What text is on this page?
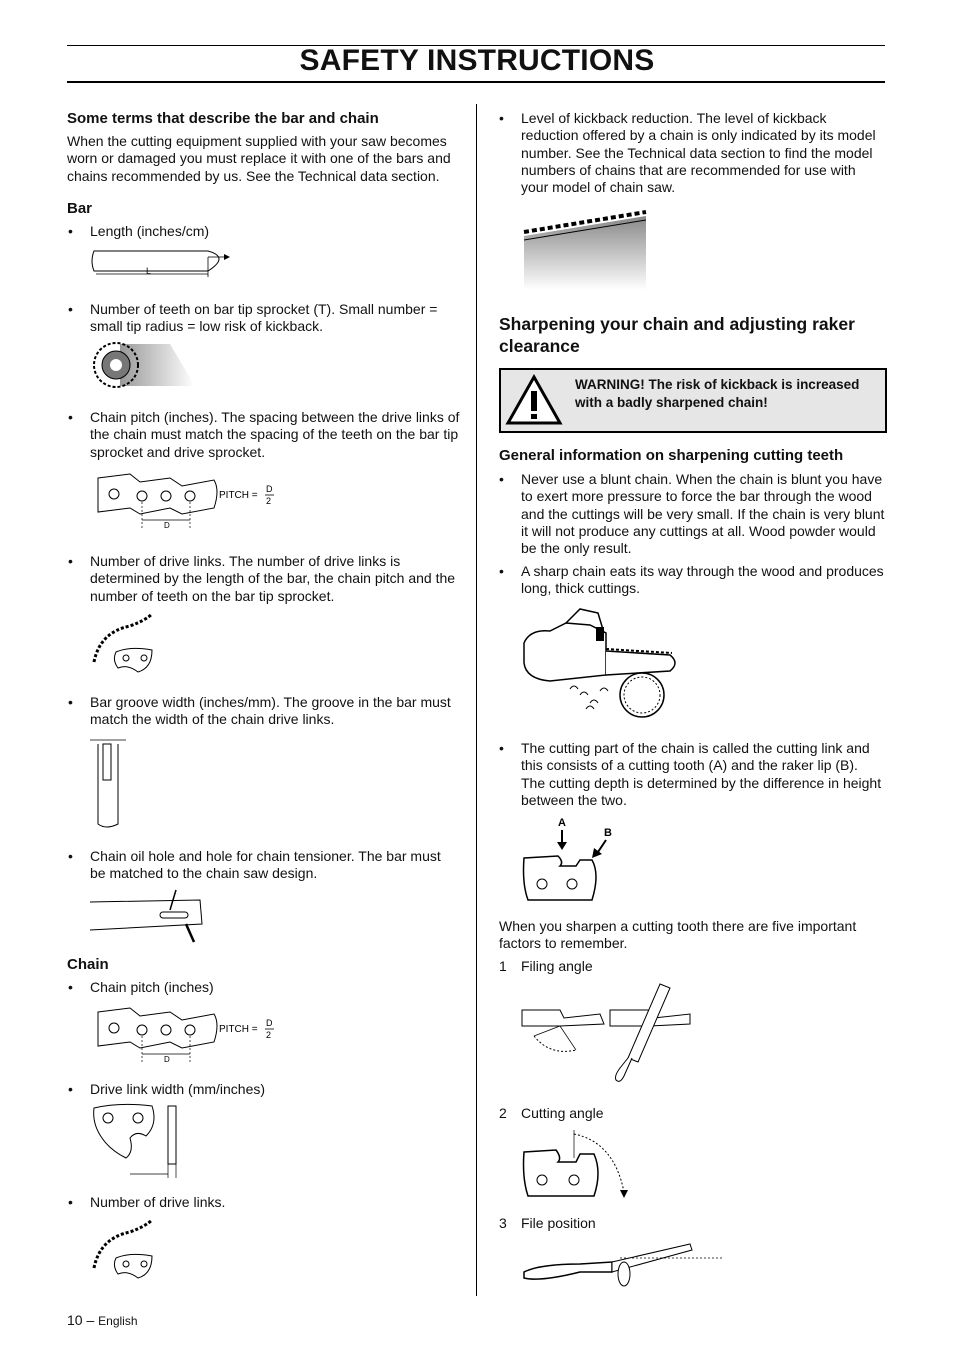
SAFETY INSTRUCTIONS
Some terms that describe the bar and chain
When the cutting equipment supplied with your saw becomes worn or damaged you must replace it with one of the bars and chains recommended by us. See the Technical data section.
Bar
• Length (inches/cm)
L
• Number of teeth on bar tip sprocket (T). Small number = small tip radius = low risk of kickback.
• Chain pitch (inches). The spacing between the drive links of the chain must match the spacing of the teeth on the bar tip sprocket and drive sprocket.
D
PITCH =
D
2
• Number of drive links. The number of drive links is determined by the length of the bar, the chain pitch and the number of teeth on the bar tip sprocket.
• Bar groove width (inches/mm). The groove in the bar must match the width of the chain drive links.
• Chain oil hole and hole for chain tensioner. The bar must be matched to the chain saw design.
Chain
• Chain pitch (inches)
D
PITCH =
D
2
• Drive link width (mm/inches)
• Number of drive links.
• Level of kickback reduction. The level of kickback reduction offered by a chain is only indicated by its model number. See the Technical data section to find the model numbers of chains that are recommended for use with your model of chain saw.
Sharpening your chain and adjusting raker clearance
WARNING! The risk of kickback is increased with a badly sharpened chain!
General information on sharpening cutting teeth
• Never use a blunt chain. When the chain is blunt you have to exert more pressure to force the bar through the wood and the cuttings will be very small. If the chain is very blunt it will not produce any cuttings at all. Wood powder would be the only result.
• A sharp chain eats its way through the wood and produces long, thick cuttings.
• The cutting part of the chain is called the cutting link and this consists of a cutting tooth (A) and the raker lip (B). The cutting depth is determined by the difference in height between the two.
A
B
When you sharpen a cutting tooth there are five important factors to remember.
1 Filing angle
2 Cutting angle
3 File position
10 – English
